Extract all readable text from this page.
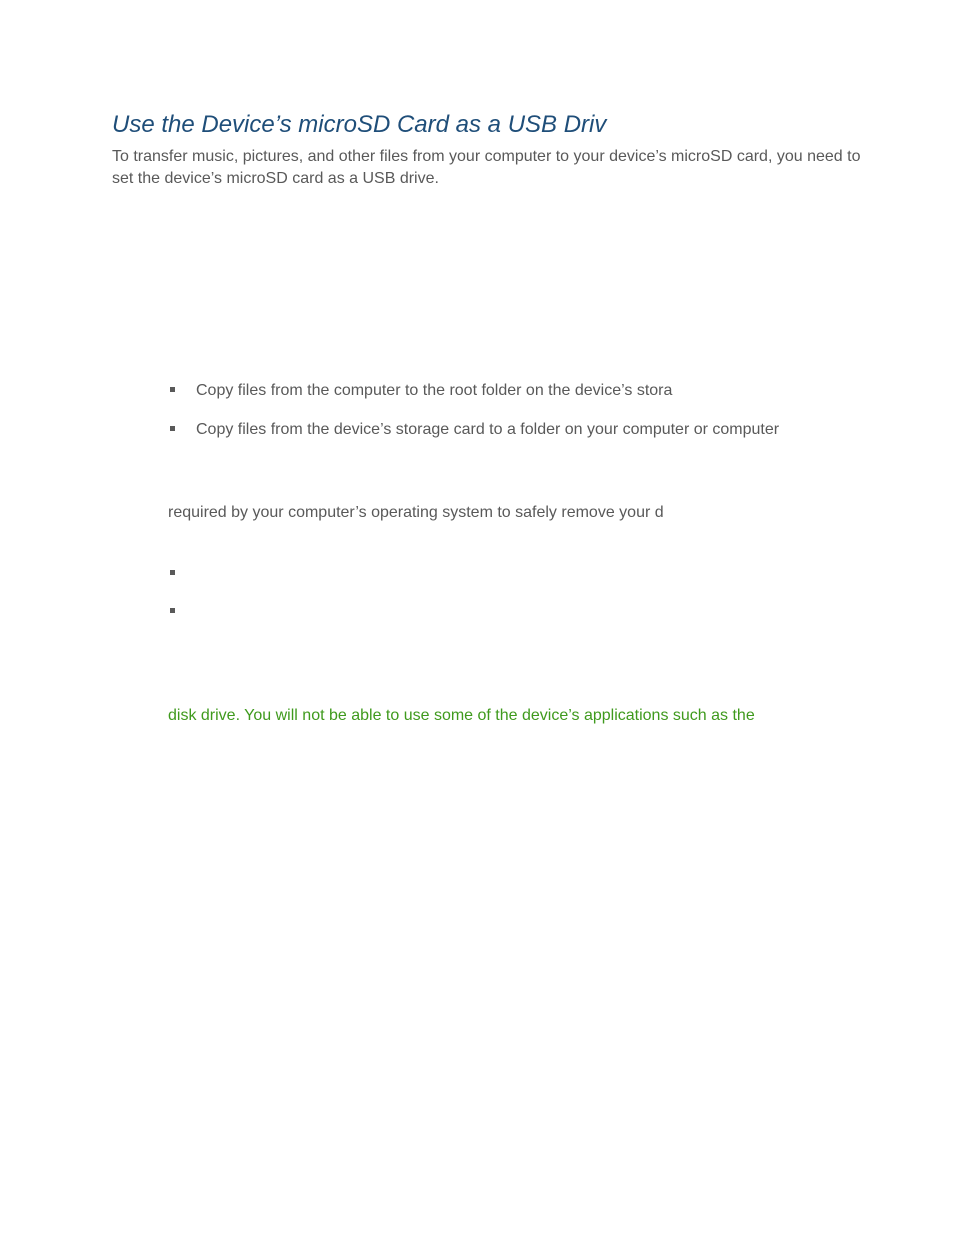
Use the Device’s microSD Card as a USB Driv

To transfer music, pictures, and other files from your computer to your device’s microSD card, you need to set the device’s microSD card as a USB drive.

Copy files from the computer to the root folder on the device’s stora
Copy files from the device’s storage card to a folder on your computer or computer

required by your computer’s operating system to safely remove your d

disk drive. You will not be able to use some of the device’s applications such as the
